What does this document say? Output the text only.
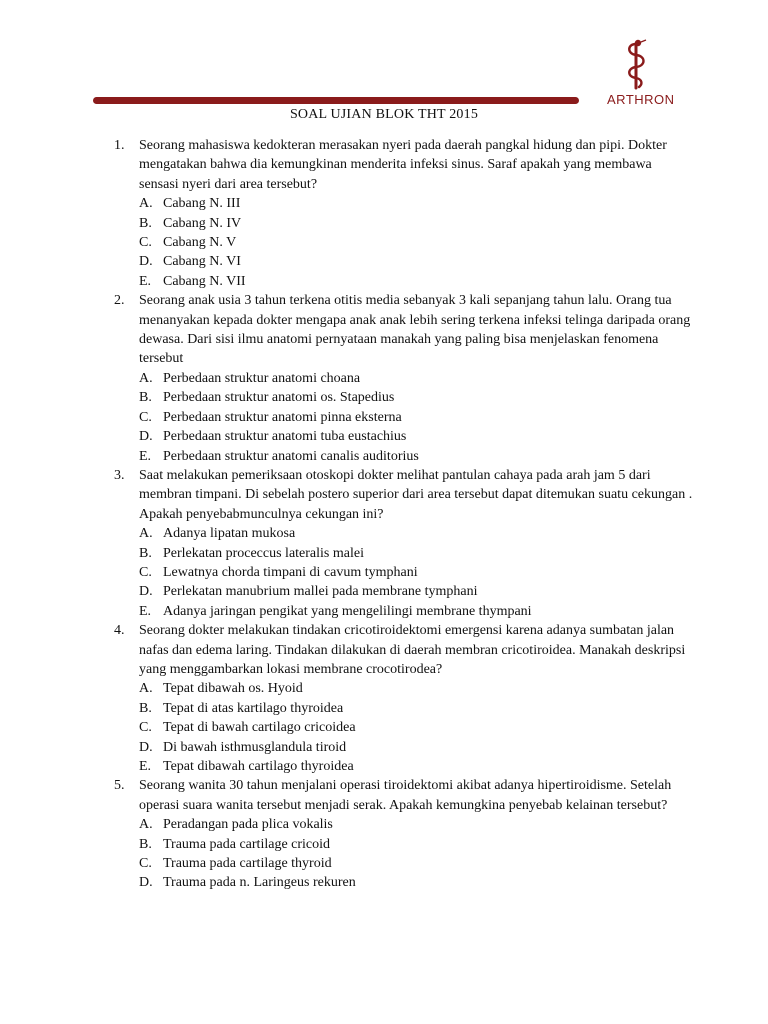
ARTHRON
SOAL UJIAN BLOK THT 2015
1. Seorang mahasiswa kedokteran merasakan nyeri pada daerah pangkal hidung dan pipi. Dokter mengatakan bahwa dia kemungkinan menderita infeksi sinus. Saraf apakah yang membawa sensasi nyeri dari area tersebut?
A. Cabang N. III
B. Cabang N. IV
C. Cabang N. V
D. Cabang N. VI
E. Cabang N. VII
2. Seorang anak usia 3 tahun terkena otitis media sebanyak 3 kali sepanjang tahun lalu. Orang tua menanyakan kepada dokter mengapa anak anak lebih sering terkena infeksi telinga daripada orang dewasa. Dari sisi ilmu anatomi pernyataan manakah yang paling bisa menjelaskan fenomena tersebut
A. Perbedaan struktur anatomi choana
B. Perbedaan struktur anatomi os. Stapedius
C. Perbedaan struktur anatomi pinna eksterna
D. Perbedaan struktur anatomi tuba eustachius
E. Perbedaan struktur anatomi canalis auditorius
3. Saat melakukan pemeriksaan otoskopi dokter melihat pantulan cahaya pada arah jam 5 dari membran timpani. Di sebelah postero superior dari area tersebut dapat ditemukan suatu cekungan . Apakah penyebabmunculnya cekungan ini?
A. Adanya lipatan mukosa
B. Perlekatan proceccus lateralis malei
C. Lewatnya chorda timpani di cavum tymphani
D. Perlekatan manubrium mallei pada membrane tymphani
E. Adanya jaringan pengikat yang mengelilingi membrane thympani
4. Seorang dokter melakukan tindakan cricotiroidektomi emergensi karena adanya sumbatan jalan nafas dan edema laring. Tindakan dilakukan di daerah membran cricotiroidea. Manakah deskripsi yang menggambarkan lokasi membrane crocotirodea?
A. Tepat dibawah os. Hyoid
B. Tepat di atas kartilago thyroidea
C. Tepat di bawah cartilago cricoidea
D. Di bawah isthmusglandula tiroid
E. Tepat dibawah cartilago thyroidea
5. Seorang wanita 30 tahun menjalani operasi tiroidektomi akibat adanya hipertiroidisme. Setelah operasi suara wanita tersebut menjadi serak. Apakah kemungkina penyebab kelainan tersebut?
A. Peradangan pada plica vokalis
B. Trauma pada cartilage cricoid
C. Trauma pada cartilage thyroid
D. Trauma pada n. Laringeus rekuren
